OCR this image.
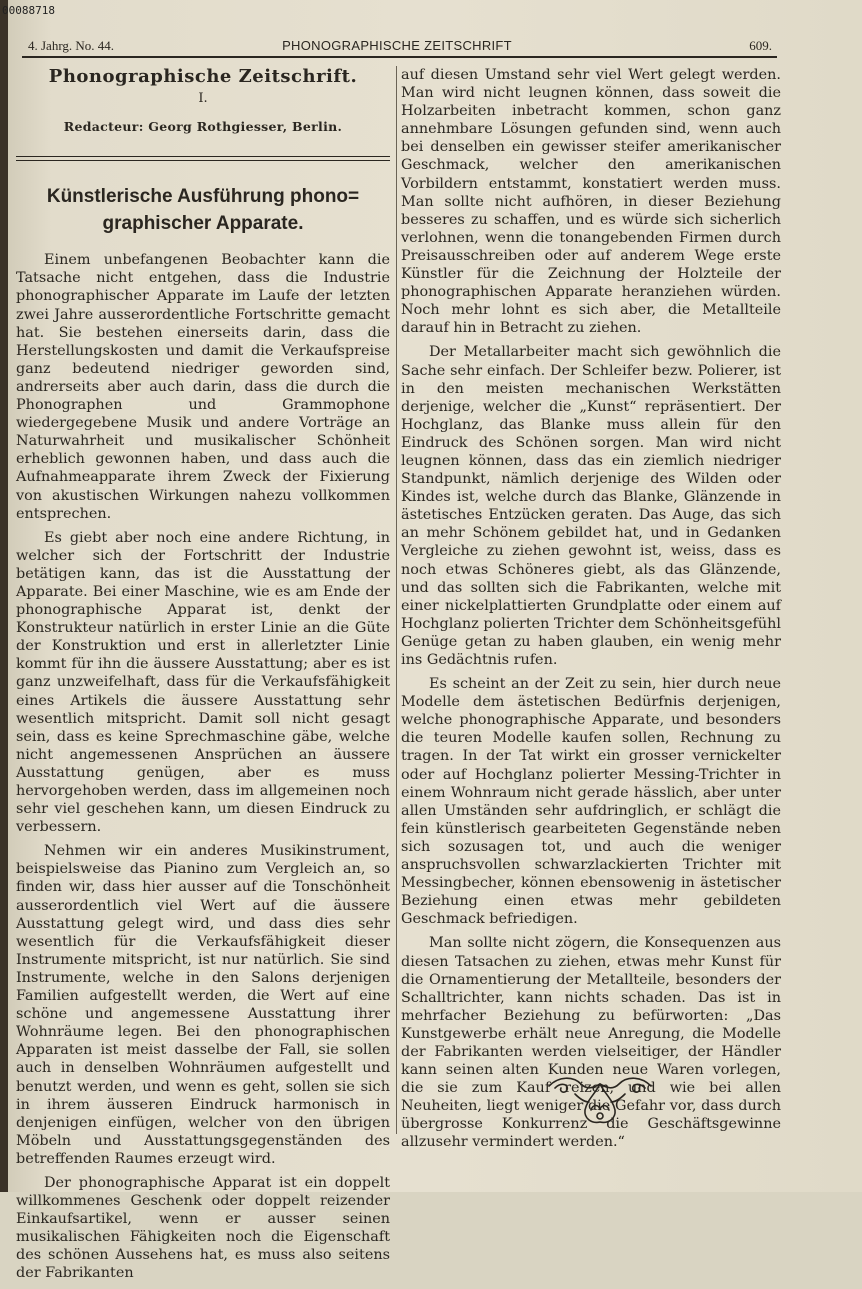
00088718
4. Jahrg. No. 44.	PHONOGRAPHISCHE ZEITSCHRIFT	609.
Phonographische Zeitschrift.
I.
Redacteur: Georg Rothgiesser, Berlin.
Künstlerische Ausführung phono=
graphischer Apparate.

Einem unbefangenen Beobachter kann die Tatsache nicht entgehen, dass die Industrie phonographischer Apparate im Laufe der letzten zwei Jahre ausserordentliche Fortschritte gemacht hat. Sie bestehen einerseits darin, dass die Herstellungskosten und damit die Verkaufspreise ganz bedeutend niedriger geworden sind, andrerseits aber auch darin, dass die durch die Phonographen und Grammophone wiedergegebene Musik und andere Vorträge an Naturwahrheit und musikalischer Schönheit erheblich gewonnen haben, und dass auch die Aufnahmeapparate ihrem Zweck der Fixierung von akustischen Wirkungen nahezu vollkommen entsprechen.

Es giebt aber noch eine andere Richtung, in welcher sich der Fortschritt der Industrie betätigen kann, das ist die Ausstattung der Apparate. Bei einer Maschine, wie es am Ende der phonographische Apparat ist, denkt der Konstrukteur natürlich in erster Linie an die Güte der Konstruktion und erst in allerletzter Linie kommt für ihn die äussere Ausstattung; aber es ist ganz unzweifelhaft, dass für die Verkaufsfähigkeit eines Artikels die äussere Ausstattung sehr wesentlich mitspricht. Damit soll nicht gesagt sein, dass es keine Sprechmaschine gäbe, welche nicht angemessenen Ansprüchen an äussere Ausstattung genügen, aber es muss hervorgehoben werden, dass im allgemeinen noch sehr viel geschehen kann, um diesen Eindruck zu verbessern.

Nehmen wir ein anderes Musikinstrument, beispielsweise das Pianino zum Vergleich an, so finden wir, dass hier ausser auf die Tonschönheit ausserordentlich viel Wert auf die äussere Ausstattung gelegt wird, und dass dies sehr wesentlich für die Verkaufsfähigkeit dieser Instrumente mitspricht, ist nur natürlich. Sie sind Instrumente, welche in den Salons derjenigen Familien aufgestellt werden, die Wert auf eine schöne und angemessene Ausstattung ihrer Wohnräume legen. Bei den phonographischen Apparaten ist meist dasselbe der Fall, sie sollen auch in denselben Wohnräumen aufgestellt und benutzt werden, und wenn es geht, sollen sie sich in ihrem äusseren Eindruck harmonisch in denjenigen einfügen, welcher von den übrigen Möbeln und Ausstattungsgegenständen des betreffenden Raumes erzeugt wird.

Der phonographische Apparat ist ein doppelt willkommenes Geschenk oder doppelt reizender Einkaufsartikel, wenn er ausser seinen musikalischen Fähigkeiten noch die Eigenschaft des schönen Aussehens hat, es muss also seitens der Fabrikanten

auf diesen Umstand sehr viel Wert gelegt werden. Man wird nicht leugnen können, dass soweit die Holzarbeiten inbetracht kommen, schon ganz annehmbare Lösungen gefunden sind, wenn auch bei denselben ein gewisser steifer amerikanischer Geschmack, welcher den amerikanischen Vorbildern entstammt, konstatiert werden muss. Man sollte nicht aufhören, in dieser Beziehung besseres zu schaffen, und es würde sich sicherlich verlohnen, wenn die tonangebenden Firmen durch Preisausschreiben oder auf anderem Wege erste Künstler für die Zeichnung der Holzteile der phonographischen Apparate heranziehen würden. Noch mehr lohnt es sich aber, die Metallteile darauf hin in Betracht zu ziehen.

Der Metallarbeiter macht sich gewöhnlich die Sache sehr einfach. Der Schleifer bezw. Polierer, ist in den meisten mechanischen Werkstätten derjenige, welcher die „Kunst“ repräsentiert. Der Hochglanz, das Blanke muss allein für den Eindruck des Schönen sorgen. Man wird nicht leugnen können, dass das ein ziemlich niedriger Standpunkt, nämlich derjenige des Wilden oder Kindes ist, welche durch das Blanke, Glänzende in ästetisches Entzücken geraten. Das Auge, das sich an mehr Schönem gebildet hat, und in Gedanken Vergleiche zu ziehen gewohnt ist, weiss, dass es noch etwas Schöneres giebt, als das Glänzende, und das sollten sich die Fabrikanten, welche mit einer nickelplattierten Grundplatte oder einem auf Hochglanz polierten Trichter dem Schönheitsgefühl Genüge getan zu haben glauben, ein wenig mehr ins Gedächtnis rufen.

Es scheint an der Zeit zu sein, hier durch neue Modelle dem ästetischen Bedürfnis derjenigen, welche phonographische Apparate, und besonders die teuren Modelle kaufen sollen, Rechnung zu tragen. In der Tat wirkt ein grosser vernickelter oder auf Hochglanz polierter Messing-Trichter in einem Wohnraum nicht gerade hässlich, aber unter allen Umständen sehr aufdringlich, er schlägt die fein künstlerisch gearbeiteten Gegenstände neben sich sozusagen tot, und auch die weniger anspruchsvollen schwarzlackierten Trichter mit Messingbecher, können ebensowenig in ästetischer Beziehung einen etwas mehr gebildeten Geschmack befriedigen.

Man sollte nicht zögern, die Konsequenzen aus diesen Tatsachen zu ziehen, etwas mehr Kunst für die Ornamentierung der Metallteile, besonders der Schalltrichter, kann nichts schaden. Das ist in mehrfacher Beziehung zu befürworten: „Das Kunstgewerbe erhält neue Anregung, die Modelle der Fabrikanten werden vielseitiger, der Händler kann seinen alten Kunden neue Waren vorlegen, die sie zum Kauf reizen, und wie bei allen Neuheiten, liegt weniger die Gefahr vor, dass durch übergrosse Konkurrenz die Geschäftsgewinne allzusehr vermindert werden.“
